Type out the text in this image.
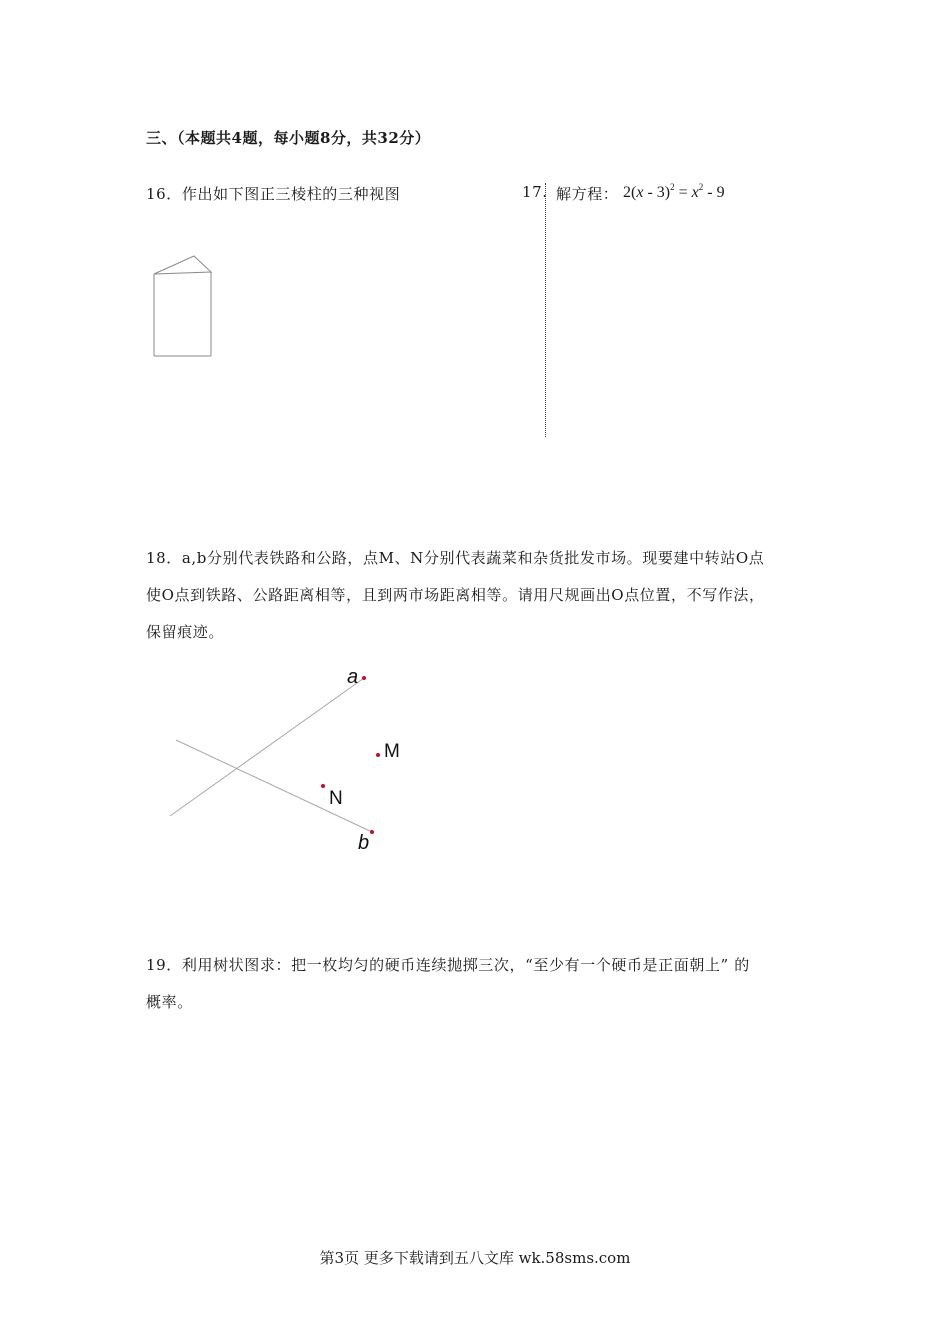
三、（本题共4题，每小题8分，共32分）
16．作出如下图正三棱柱的三种视图	17. 解方程： $2(x - 3)^2 = x^2 - 9$
18．a,b分别代表铁路和公路，点M、N分别代表蔬菜和杂货批发市场。现要建中转站O点
使O点到铁路、公路距离相等，且到两市场距离相等。请用尺规画出O点位置，不写作法，
保留痕迹。
a
b
M
N
19．利用树状图求：把一枚均匀的硬币连续抛掷三次，“至少有一个硬币是正面朝上” 的
概率。
第3页 更多下载请到五八文库 wk.58sms.com
